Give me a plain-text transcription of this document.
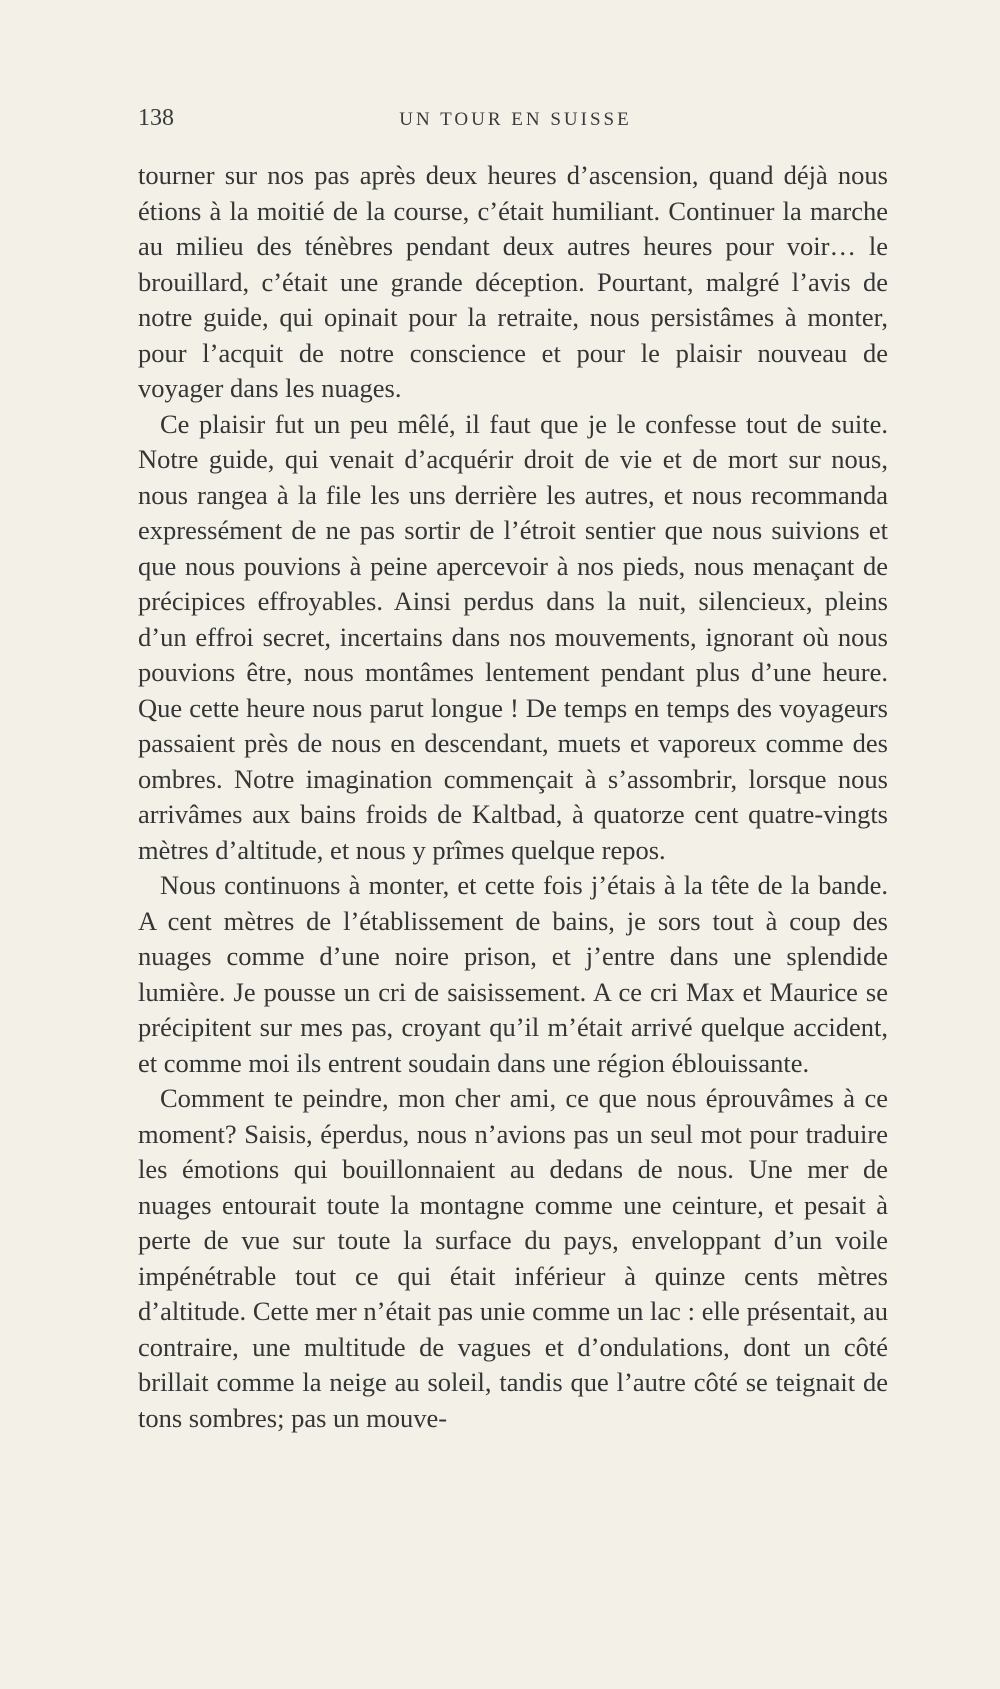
138	UN TOUR EN SUISSE

tourner sur nos pas après deux heures d’ascension, quand déjà nous étions à la moitié de la course, c’était humiliant. Continuer la marche au milieu des ténèbres pendant deux autres heures pour voir… le brouillard, c’était une grande déception. Pourtant, malgré l’avis de notre guide, qui opinait pour la retraite, nous persistâmes à monter, pour l’acquit de notre conscience et pour le plaisir nouveau de voyager dans les nuages.

Ce plaisir fut un peu mêlé, il faut que je le confesse tout de suite. Notre guide, qui venait d’acquérir droit de vie et de mort sur nous, nous rangea à la file les uns derrière les autres, et nous recommanda expressément de ne pas sortir de l’étroit sentier que nous suivions et que nous pouvions à peine apercevoir à nos pieds, nous menaçant de précipices effroyables. Ainsi perdus dans la nuit, silencieux, pleins d’un effroi secret, incertains dans nos mouvements, ignorant où nous pouvions être, nous montâmes lentement pendant plus d’une heure. Que cette heure nous parut longue ! De temps en temps des voyageurs passaient près de nous en descendant, muets et vaporeux comme des ombres. Notre imagination commençait à s’assombrir, lorsque nous arrivâmes aux bains froids de Kaltbad, à quatorze cent quatre-vingts mètres d’altitude, et nous y prîmes quelque repos.

Nous continuons à monter, et cette fois j’étais à la tête de la bande. A cent mètres de l’établissement de bains, je sors tout à coup des nuages comme d’une noire prison, et j’entre dans une splendide lumière. Je pousse un cri de saisissement. A ce cri Max et Maurice se précipitent sur mes pas, croyant qu’il m’était arrivé quelque accident, et comme moi ils entrent soudain dans une région éblouissante.

Comment te peindre, mon cher ami, ce que nous éprouvâmes à ce moment? Saisis, éperdus, nous n’avions pas un seul mot pour traduire les émotions qui bouillonnaient au dedans de nous. Une mer de nuages entourait toute la montagne comme une ceinture, et pesait à perte de vue sur toute la surface du pays, enveloppant d’un voile impénétrable tout ce qui était inférieur à quinze cents mètres d’altitude. Cette mer n’était pas unie comme un lac : elle présentait, au contraire, une multitude de vagues et d’ondulations, dont un côté brillait comme la neige au soleil, tandis que l’autre côté se teignait de tons sombres; pas un mouve-
